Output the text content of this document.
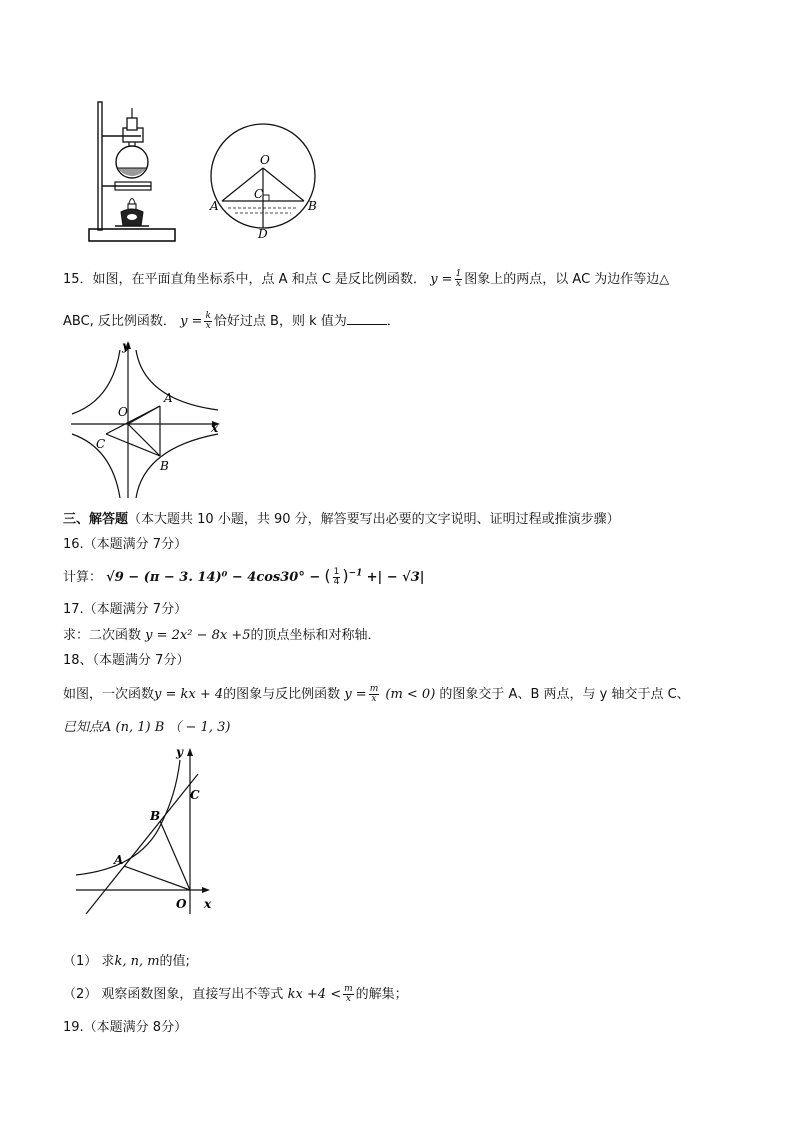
O
C
A	B
D
15．如图，在平面直角坐标系中，点 A 和点 C 是反比例函数． $y = \frac{1}{x}$ 图象上的两点，以 AC 为边作等边△
ABC, 反比例函数． $y = \frac{k}{x}$ 恰好过点 B，则 k 值为	．
y
x
O
A
B
C
三、解答题（本大题共 10 小题，共 90 分，解答要写出必要的文字说明、证明过程或推演步骤）
16.（本题满分 7分）
计算： √9 − (π − 3. 14)⁰ − 4cos30° − ( $\frac{1}{4} )^{-1}$ +| − √3|
17.（本题满分 7分）
求：二次函数 y = 2x² − 8x +5的顶点坐标和对称轴．
18、（本题满分 7分）
如图，一次函数y = kx + 4的图象与反比例函数 $y = \frac{m}{x} (m < 0)$ 的图象交于 A、B 两点，与 y 轴交于点 C、
已知点A (n, 1) B （ − 1, 3)
y
x
O
A
B
C
（1） 求k, n, m的值;
（2） 观察函数图象，直接写出不等式 kx $+4 < \frac{m}{x}$ 的解集；
19.（本题满分 8分）
